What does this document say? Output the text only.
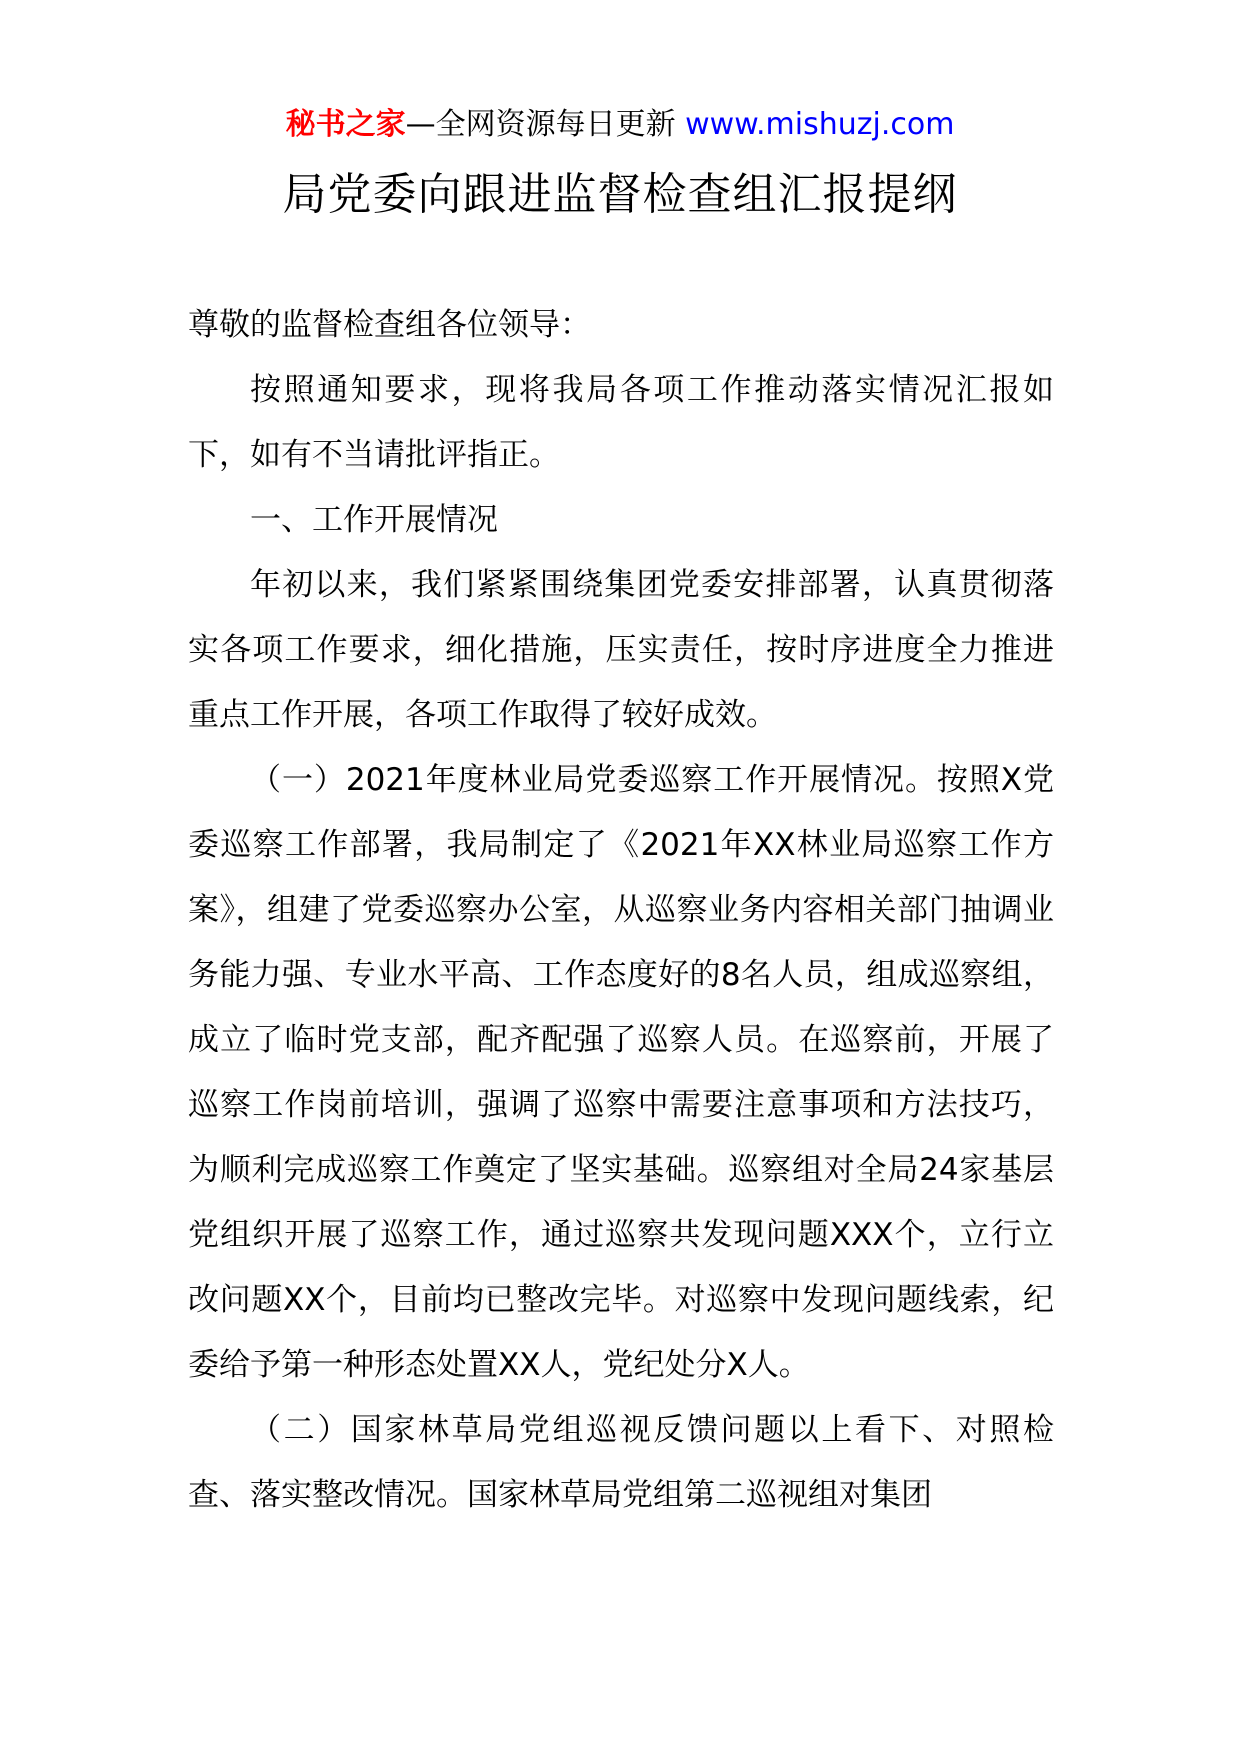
秘书之家—全网资源每日更新 www.mishuzj.com
局党委向跟进监督检查组汇报提纲

尊敬的监督检查组各位领导：

按照通知要求，现将我局各项工作推动落实情况汇报如下，如有不当请批评指正。

一、工作开展情况

年初以来，我们紧紧围绕集团党委安排部署，认真贯彻落实各项工作要求，细化措施，压实责任，按时序进度全力推进重点工作开展，各项工作取得了较好成效。

（一）2021年度林业局党委巡察工作开展情况。按照X党委巡察工作部署，我局制定了《2021年XX林业局巡察工作方案》，组建了党委巡察办公室，从巡察业务内容相关部门抽调业务能力强、专业水平高、工作态度好的8名人员，组成巡察组，成立了临时党支部，配齐配强了巡察人员。在巡察前，开展了巡察工作岗前培训，强调了巡察中需要注意事项和方法技巧，为顺利完成巡察工作奠定了坚实基础。巡察组对全局24家基层党组织开展了巡察工作，通过巡察共发现问题XXX个，立行立改问题XX个，目前均已整改完毕。对巡察中发现问题线索，纪委给予第一种形态处置XX人，党纪处分X人。

（二）国家林草局党组巡视反馈问题以上看下、对照检查、落实整改情况。国家林草局党组第二巡视组对集团
